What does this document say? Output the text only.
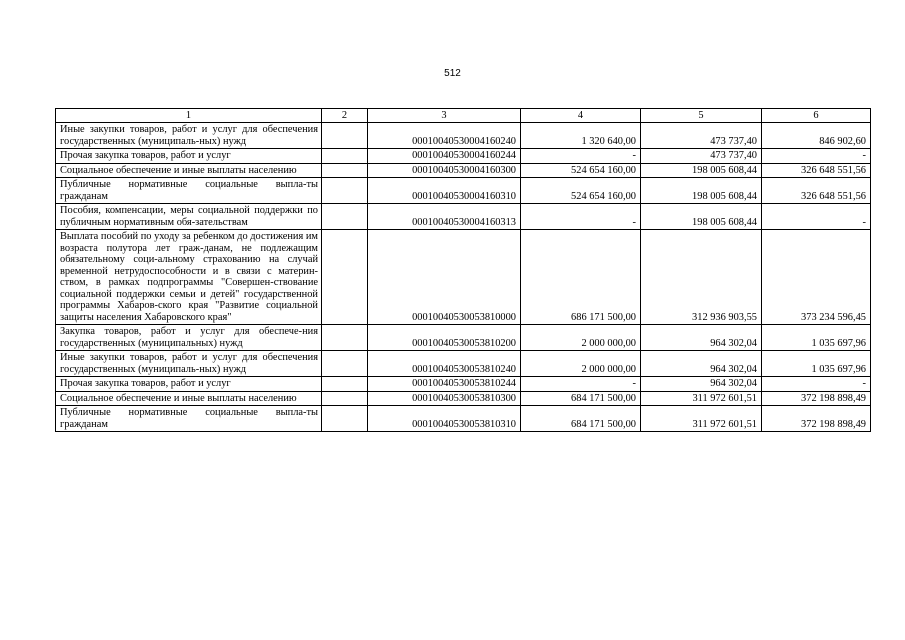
512
1	2	3	4	5	6
Иные закупки товаров, работ и услуг для обеспечения государственных (муниципаль-ных) нужд		00010040530004160240	1 320 640,00	473 737,40	846 902,60
Прочая закупка товаров, работ и услуг		00010040530004160244	-	473 737,40	-
Социальное обеспечение и иные выплаты населению		00010040530004160300	524 654 160,00	198 005 608,44	326 648 551,56
Публичные нормативные социальные выпла-ты гражданам		00010040530004160310	524 654 160,00	198 005 608,44	326 648 551,56
Пособия, компенсации, меры социальной поддержки по публичным нормативным обя-зательствам		00010040530004160313	-	198 005 608,44	-
Выплата пособий по уходу за ребенком до достижения им возраста полутора лет граж-данам, не подлежащим обязательному соци-альному страхованию на случай временной нетрудоспособности и в связи с материн-ством, в рамках подпрограммы "Совершен-ствование социальной поддержки семьи и детей" государственной программы Хабаров-ского края "Развитие социальной защиты населения Хабаровского края"		00010040530053810000	686 171 500,00	312 936 903,55	373 234 596,45
Закупка товаров, работ и услуг для обеспече-ния государственных (муниципальных) нужд		00010040530053810200	2 000 000,00	964 302,04	1 035 697,96
Иные закупки товаров, работ и услуг для обеспечения государственных (муниципаль-ных) нужд		00010040530053810240	2 000 000,00	964 302,04	1 035 697,96
Прочая закупка товаров, работ и услуг		00010040530053810244	-	964 302,04	-
Социальное обеспечение и иные выплаты населению		00010040530053810300	684 171 500,00	311 972 601,51	372 198 898,49
Публичные нормативные социальные выпла-ты гражданам		00010040530053810310	684 171 500,00	311 972 601,51	372 198 898,49
